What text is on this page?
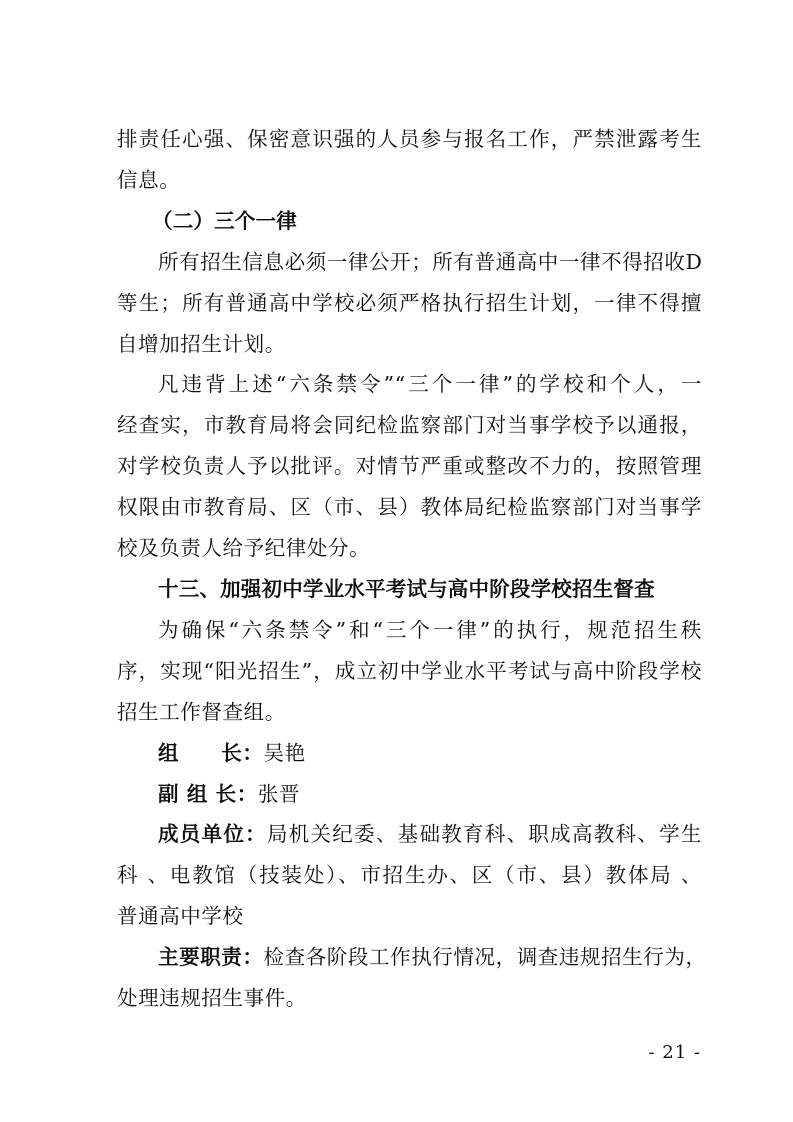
排责任心强、保密意识强的人员参与报名工作，严禁泄露考生
信息。
（二）三个一律
所有招生信息必须一律公开；所有普通高中一律不得招收D
等生；所有普通高中学校必须严格执行招生计划，一律不得擅
自增加招生计划。
凡违背上述“六条禁令”“三个一律”的学校和个人，一
经查实，市教育局将会同纪检监察部门对当事学校予以通报，
对学校负责人予以批评。对情节严重或整改不力的，按照管理
权限由市教育局、区（市、县）教体局纪检监察部门对当事学
校及负责人给予纪律处分。
十三、加强初中学业水平考试与高中阶段学校招生督查
为确保“六条禁令”和“三个一律”的执行，规范招生秩
序，实现“阳光招生”，成立初中学业水平考试与高中阶段学校
招生工作督查组。
组　　长：吴艳
副 组 长：张晋
成员单位：局机关纪委、基础教育科、职成高教科、学生
科 、电教馆（技装处）、市招生办、区（市、县）教体局 、
普通高中学校
主要职责：检查各阶段工作执行情况，调查违规招生行为，
处理违规招生事件。
- 21 -
